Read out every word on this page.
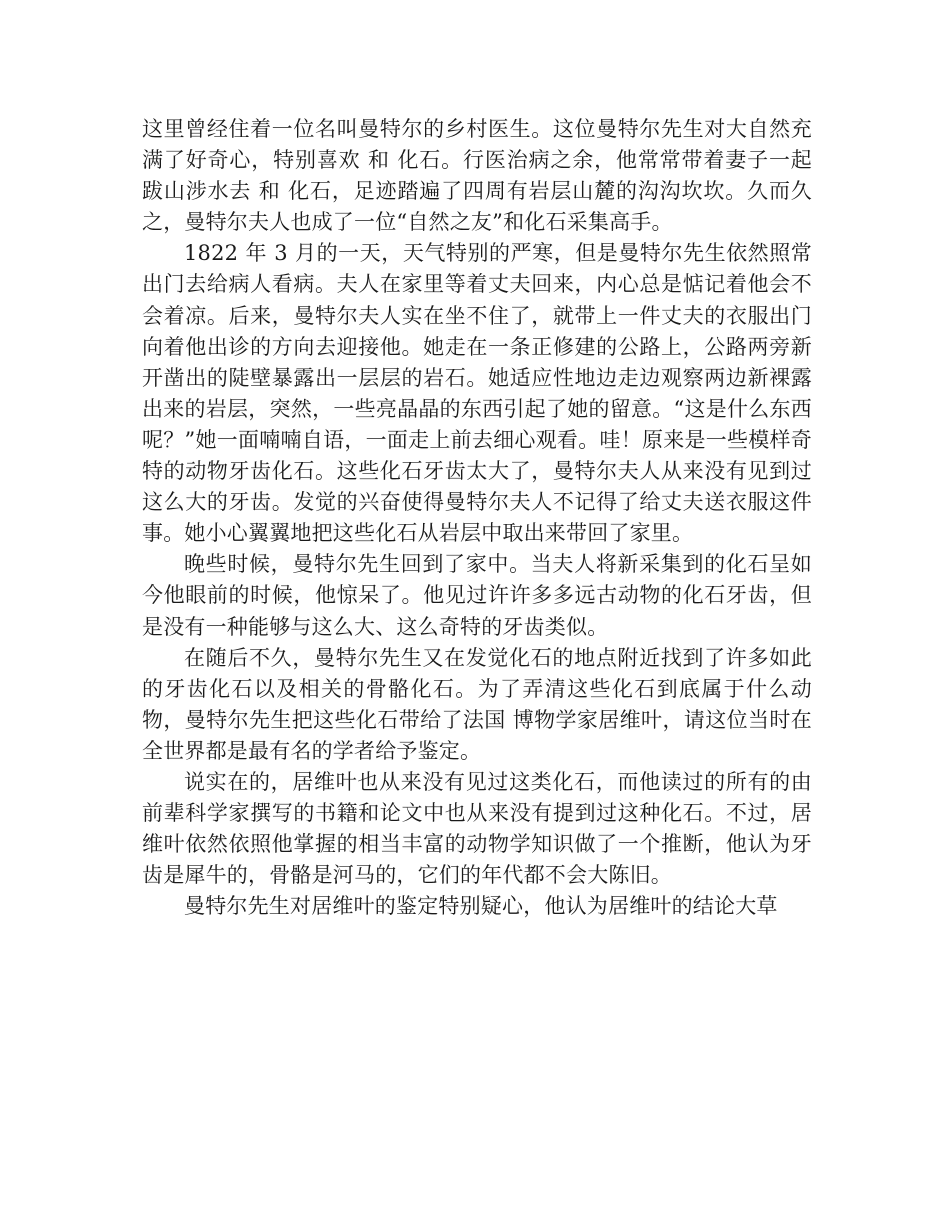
这里曾经住着一位名叫曼特尔的乡村医生。这位曼特尔先生对大自然充满了好奇心，特别喜欢 和 化石。行医治病之余，他常常带着妻子一起跋山涉水去 和 化石，足迹踏遍了四周有岩层山麓的沟沟坎坎。久而久之，曼特尔夫人也成了一位“自然之友”和化石采集高手。

1822 年 3 月的一天，天气特别的严寒，但是曼特尔先生依然照常出门去给病人看病。夫人在家里等着丈夫回来，内心总是惦记着他会不会着凉。后来，曼特尔夫人实在坐不住了，就带上一件丈夫的衣服出门向着他出诊的方向去迎接他。她走在一条正修建的公路上，公路两旁新开凿出的陡壁暴露出一层层的岩石。她适应性地边走边观察两边新裸露出来的岩层，突然，一些亮晶晶的东西引起了她的留意。“这是什么东西呢？”她一面喃喃自语，一面走上前去细心观看。哇！原来是一些模样奇特的动物牙齿化石。这些化石牙齿太大了，曼特尔夫人从来没有见到过这么大的牙齿。发觉的兴奋使得曼特尔夫人不记得了给丈夫送衣服这件事。她小心翼翼地把这些化石从岩层中取出来带回了家里。

晚些时候，曼特尔先生回到了家中。当夫人将新采集到的化石呈如今他眼前的时候，他惊呆了。他见过许许多多远古动物的化石牙齿，但是没有一种能够与这么大、这么奇特的牙齿类似。

在随后不久，曼特尔先生又在发觉化石的地点附近找到了许多如此的牙齿化石以及相关的骨骼化石。为了弄清这些化石到底属于什么动物，曼特尔先生把这些化石带给了法国 博物学家居维叶，请这位当时在全世界都是最有名的学者给予鉴定。

说实在的，居维叶也从来没有见过这类化石，而他读过的所有的由前辈科学家撰写的书籍和论文中也从来没有提到过这种化石。不过，居维叶依然依照他掌握的相当丰富的动物学知识做了一个推断，他认为牙齿是犀牛的，骨骼是河马的，它们的年代都不会大陈旧。

曼特尔先生对居维叶的鉴定特别疑心，他认为居维叶的结论大草
